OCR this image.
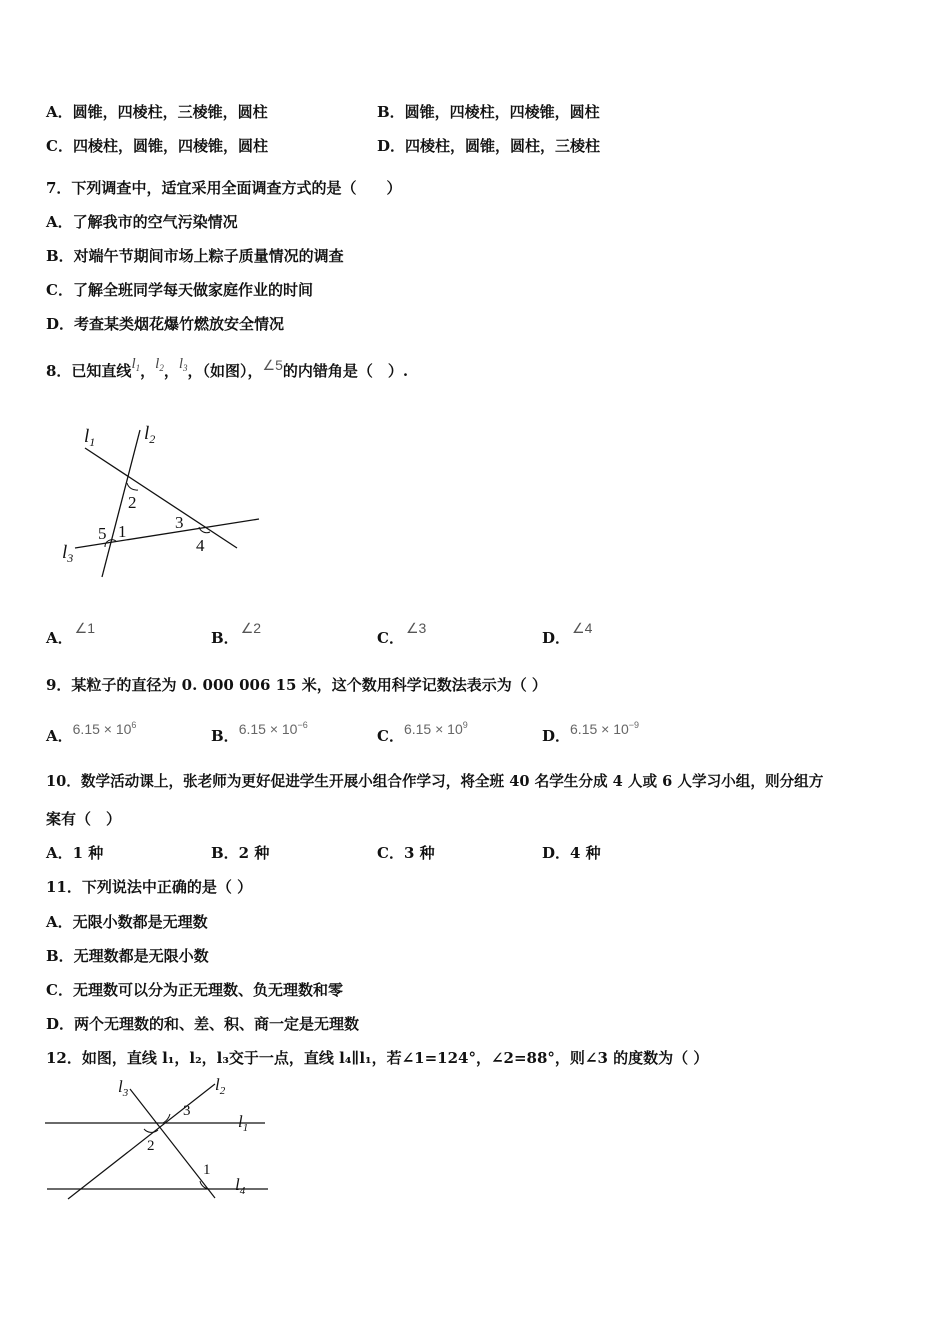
A．圆锥，四棱柱，三棱锥，圆柱	B．圆锥，四棱柱，四棱锥，圆柱
C．四棱柱，圆锥，四棱锥，圆柱	D．四棱柱，圆锥，圆柱，三棱柱
7．下列调查中，适宜采用全面调查方式的是（　　）
A．了解我市的空气污染情况
B．对端午节期间市场上粽子质量情况的调查
C．了解全班同学每天做家庭作业的时间
D．考查某类烟花爆竹燃放安全情况
8．已知直线$l_1$，$l_2$，$l_3$，（如图），∠5的内错角是（　）.
$l_1$	$l_2$
$l_3$
2
5 1	3
4
A．∠1
B．∠2
C．∠3
D．∠4
9．某粒子的直径为 0. 000 006 15 米，这个数用科学记数法表示为（ ）
A．$6.15 \times 10^6$
B．$6.15 \times 10^{-6}$
C．$6.15 \times 10^9$
D．$6.15 \times 10^{-9}$
10．数学活动课上，张老师为更好促进学生开展小组合作学习，将全班 40 名学生分成 4 人或 6 人学习小组，则分组方
案有（　）
A．1 种	B．2 种	C．3 种	D．4 种
11．下列说法中正确的是（ ）
A．无限小数都是无理数
B．无理数都是无限小数
C．无理数可以分为正无理数、负无理数和零
D．两个无理数的和、差、积、商一定是无理数
12．如图，直线 l₁，l₂，l₃交于一点，直线 l₄∥l₁，若∠1=124°，∠2=88°，则∠3 的度数为（ ）
$l_3$	$l_2$
$l_1$
$l_4$
3
2
1
